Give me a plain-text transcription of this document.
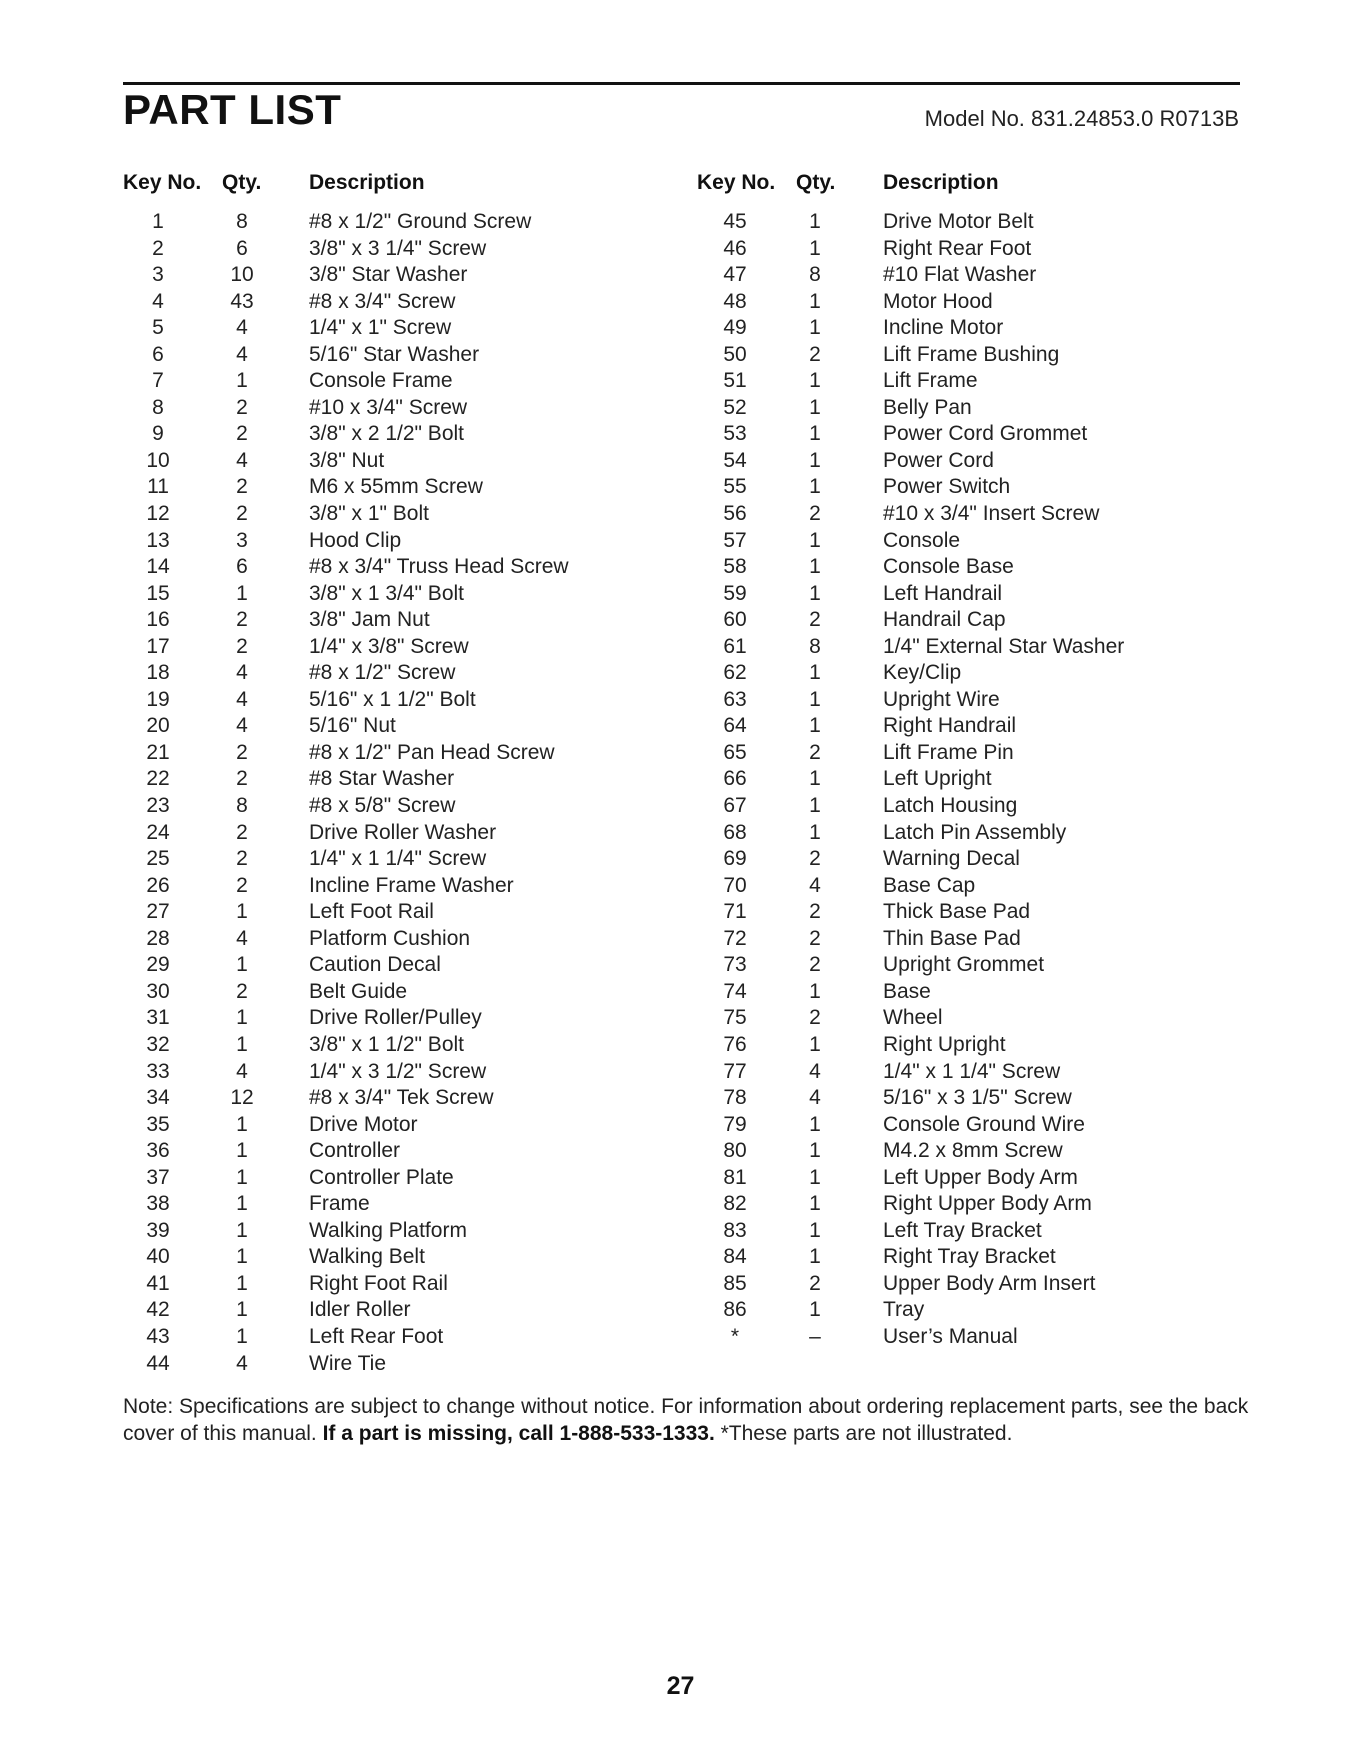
PART LIST	Model No. 831.24853.0 R0713B
Key No. Qty. Description
1	8	#8 x 1/2" Ground Screw
2	6	3/8" x 3 1/4" Screw
3	10	3/8" Star Washer
4	43	#8 x 3/4" Screw
5	4	1/4" x 1" Screw
6	4	5/16" Star Washer
7	1	Console Frame
8	2	#10 x 3/4" Screw
9	2	3/8" x 2 1/2" Bolt
10	4	3/8" Nut
11	2	M6 x 55mm Screw
12	2	3/8" x 1" Bolt
13	3	Hood Clip
14	6	#8 x 3/4" Truss Head Screw
15	1	3/8" x 1 3/4" Bolt
16	2	3/8" Jam Nut
17	2	1/4" x 3/8" Screw
18	4	#8 x 1/2" Screw
19	4	5/16" x 1 1/2" Bolt
20	4	5/16" Nut
21	2	#8 x 1/2" Pan Head Screw
22	2	#8 Star Washer
23	8	#8 x 5/8" Screw
24	2	Drive Roller Washer
25	2	1/4" x 1 1/4" Screw
26	2	Incline Frame Washer
27	1	Left Foot Rail
28	4	Platform Cushion
29	1	Caution Decal
30	2	Belt Guide
31	1	Drive Roller/Pulley
32	1	3/8" x 1 1/2" Bolt
33	4	1/4" x 3 1/2" Screw
34	12	#8 x 3/4" Tek Screw
35	1	Drive Motor
36	1	Controller
37	1	Controller Plate
38	1	Frame
39	1	Walking Platform
40	1	Walking Belt
41	1	Right Foot Rail
42	1	Idler Roller
43	1	Left Rear Foot
44	4	Wire Tie
Key No. Qty. Description
45	1	Drive Motor Belt
46	1	Right Rear Foot
47	8	#10 Flat Washer
48	1	Motor Hood
49	1	Incline Motor
50	2	Lift Frame Bushing
51	1	Lift Frame
52	1	Belly Pan
53	1	Power Cord Grommet
54	1	Power Cord
55	1	Power Switch
56	2	#10 x 3/4" Insert Screw
57	1	Console
58	1	Console Base
59	1	Left Handrail
60	2	Handrail Cap
61	8	1/4" External Star Washer
62	1	Key/Clip
63	1	Upright Wire
64	1	Right Handrail
65	2	Lift Frame Pin
66	1	Left Upright
67	1	Latch Housing
68	1	Latch Pin Assembly
69	2	Warning Decal
70	4	Base Cap
71	2	Thick Base Pad
72	2	Thin Base Pad
73	2	Upright Grommet
74	1	Base
75	2	Wheel
76	1	Right Upright
77	4	1/4" x 1 1/4" Screw
78	4	5/16" x 3 1/5" Screw
79	1	Console Ground Wire
80	1	M4.2 x 8mm Screw
81	1	Left Upper Body Arm
82	1	Right Upper Body Arm
83	1	Left Tray Bracket
84	1	Right Tray Bracket
85	2	Upper Body Arm Insert
86	1	Tray
*	–	User’s Manual
Note: Specifications are subject to change without notice. For information about ordering replacement parts, see the back cover of this manual. If a part is missing, call 1-888-533-1333. *These parts are not illustrated.
27
